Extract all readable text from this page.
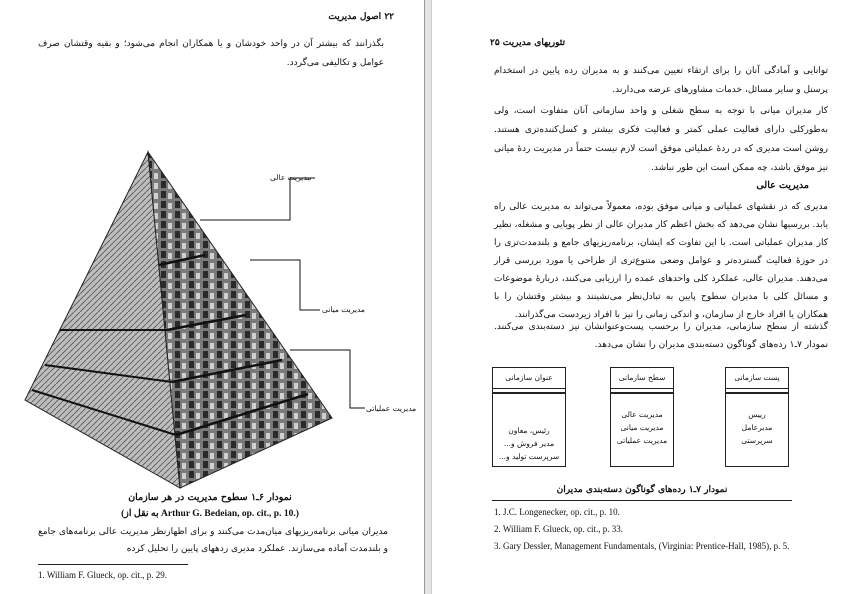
۲۲ اصول مدیریت
بگذرانند که بیشتر آن در واحد خودشان و یا همکاران انجام می‌شود؛ و بقیه وقتشان صرف عوامل و تکالیفی می‌گردد.
مدیریت عالی
مدیریت میانی
مدیریت عملیاتی
نمودار ۶ـ۱ سطوح مدیریت در هر سازمان
(به نقل از Arthur G. Bedeian, op. cit., p. 10.)
مدیران میانی برنامه‌ریزیهای میان‌مدت می‌کنند و برای اظهارنظر مدیریت عالی برنامه‌های جامع و بلندمدت آماده می‌سازند. عملکرد مدیری ردههای پایین را تحلیل کرده
1. William F. Glueck, op. cit., p. 29.
تئوریهای مدیریت ۲۵
توانایی و آمادگی آنان را برای ارتقاء تعیین می‌کنند و به مدیران رده پایین در استخدام پرسنل و سایر مسائل، خدمات مشاورهای عرضه می‌دارند.
کار مدیران میانی با توجه به سطح شغلی و واحد سازمانی آنان متفاوت است، ولی به‌طورکلی دارای فعالیت عملی کمتر و فعالیت فکری بیشتر و کسل‌کننده‌تری هستند. روشن است مدیری که در ردهٔ عملیاتی موفق است لازم نیست حتماً در مدیریت ردهٔ میانی نیز موفق باشد، چه ممکن است این طور نباشد.
مدیریت عالی
مدیری که در نقشهای عملیاتی و میانی موفق بوده، معمولاً می‌تواند به مدیریت عالی راه یابد. بررسیها نشان می‌دهد که بخش اعظم کار مدیران عالی از نظر پویایی و مشغله، نظیر کار مدیران عملیاتی است. با این تفاوت که ایشان، برنامه‌ریزیهای جامع و بلندمدت‌تری را در حوزهٔ فعالیت گسترده‌تر و عوامل وضعی متنوع‌تری از طراحی یا مورد بررسی قرار می‌دهند. مدیران عالی، عملکرد کلی واحدهای عمده را ارزیابی می‌کنند، دربارهٔ موضوعات و مسائل کلی با مدیران سطوح پایین به تبادل‌نظر می‌نشینند و بیشتر وقتشان را با همکاران یا افراد خارج از سازمان، و اندکی زمانی را نیز با افراد زیردست می‌گذرانند.
گذشته از سطح سازمانی، مدیران را برحسب پست‌وعنوانشان نیز دسته‌بندی می‌کنند. نمودار ۷ـ۱ رده‌های گوناگون دسته‌بندی مدیران را نشان می‌دهد.
عنوان سازمانی
رئیس، معاون
مدیر فروش و...
سرپرست تولید و...
سطح سازمانی
مدیریت عالی
مدیریت میانی
مدیریت عملیاتی
پست سازمانی
رییس
مدیرعامل
سرپرستی
نمودار ۷ـ۱ رده‌های گوناگون دسته‌بندی مدیران
1. J.C. Longenecker, op. cit., p. 10.
2. William F. Glueck, op. cit., p. 33.
3. Gary Dessler, Management Fundamentals, (Virginia: Prentice-Hall, 1985), p. 5.
